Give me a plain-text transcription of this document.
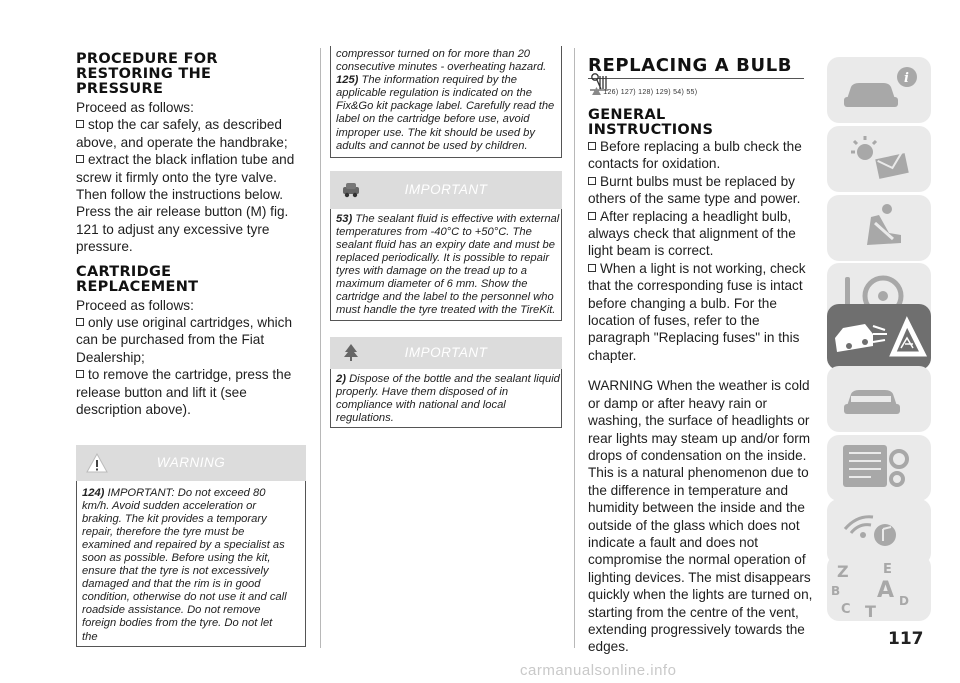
PROCEDURE FOR RESTORING THE PRESSURE
Proceed as follows:
stop the car safely, as described above, and operate the handbrake;
extract the black inflation tube and screw it firmly onto the tyre valve. Then follow the instructions below. Press the air release button (M) fig. 121 to adjust any excessive tyre pressure.
CARTRIDGE REPLACEMENT
Proceed as follows:
only use original cartridges, which can be purchased from the Fiat Dealership;
to remove the cartridge, press the release button and lift it (see description above).
WARNING
124) IMPORTANT: Do not exceed 80 km/h. Avoid sudden acceleration or braking. The kit provides a temporary repair, therefore the tyre must be examined and repaired by a specialist as soon as possible. Before using the kit, ensure that the tyre is not excessively damaged and that the rim is in good condition, otherwise do not use it and call roadside assistance. Do not remove foreign bodies from the tyre. Do not let the
compressor turned on for more than 20 consecutive minutes - overheating hazard.
125) The information required by the applicable regulation is indicated on the Fix&Go kit package label. Carefully read the label on the cartridge before use, avoid improper use. The kit should be used by adults and cannot be used by children.
IMPORTANT
53) The sealant fluid is effective with external temperatures from -40°C to +50°C. The sealant fluid has an expiry date and must be replaced periodically. It is possible to repair tyres with damage on the tread up to a maximum diameter of 6 mm. Show the cartridge and the label to the personnel who must handle the tyre treated with the TireKit.
IMPORTANT
2) Dispose of the bottle and the sealant liquid properly. Have them disposed of in compliance with national and local regulations.
REPLACING A BULB
126) 127) 128) 129) 54) 55)
GENERAL INSTRUCTIONS
Before replacing a bulb check the contacts for oxidation.
Burnt bulbs must be replaced by others of the same type and power.
After replacing a headlight bulb, always check that alignment of the light beam is correct.
When a light is not working, check that the corresponding fuse is intact before changing a bulb. For the location of fuses, refer to the paragraph "Replacing fuses" in this chapter.
WARNING When the weather is cold or damp or after heavy rain or washing, the surface of headlights or rear lights may steam up and/or form drops of condensation on the inside. This is a natural phenomenon due to the difference in temperature and humidity between the inside and the outside of the glass which does not indicate a fault and does not compromise the normal operation of lighting devices. The mist disappears quickly when the lights are turned on, starting from the centre of the vent, extending progressively towards the edges.
i
Z	E
B A
C T
D
117
carmanualsonline.info
